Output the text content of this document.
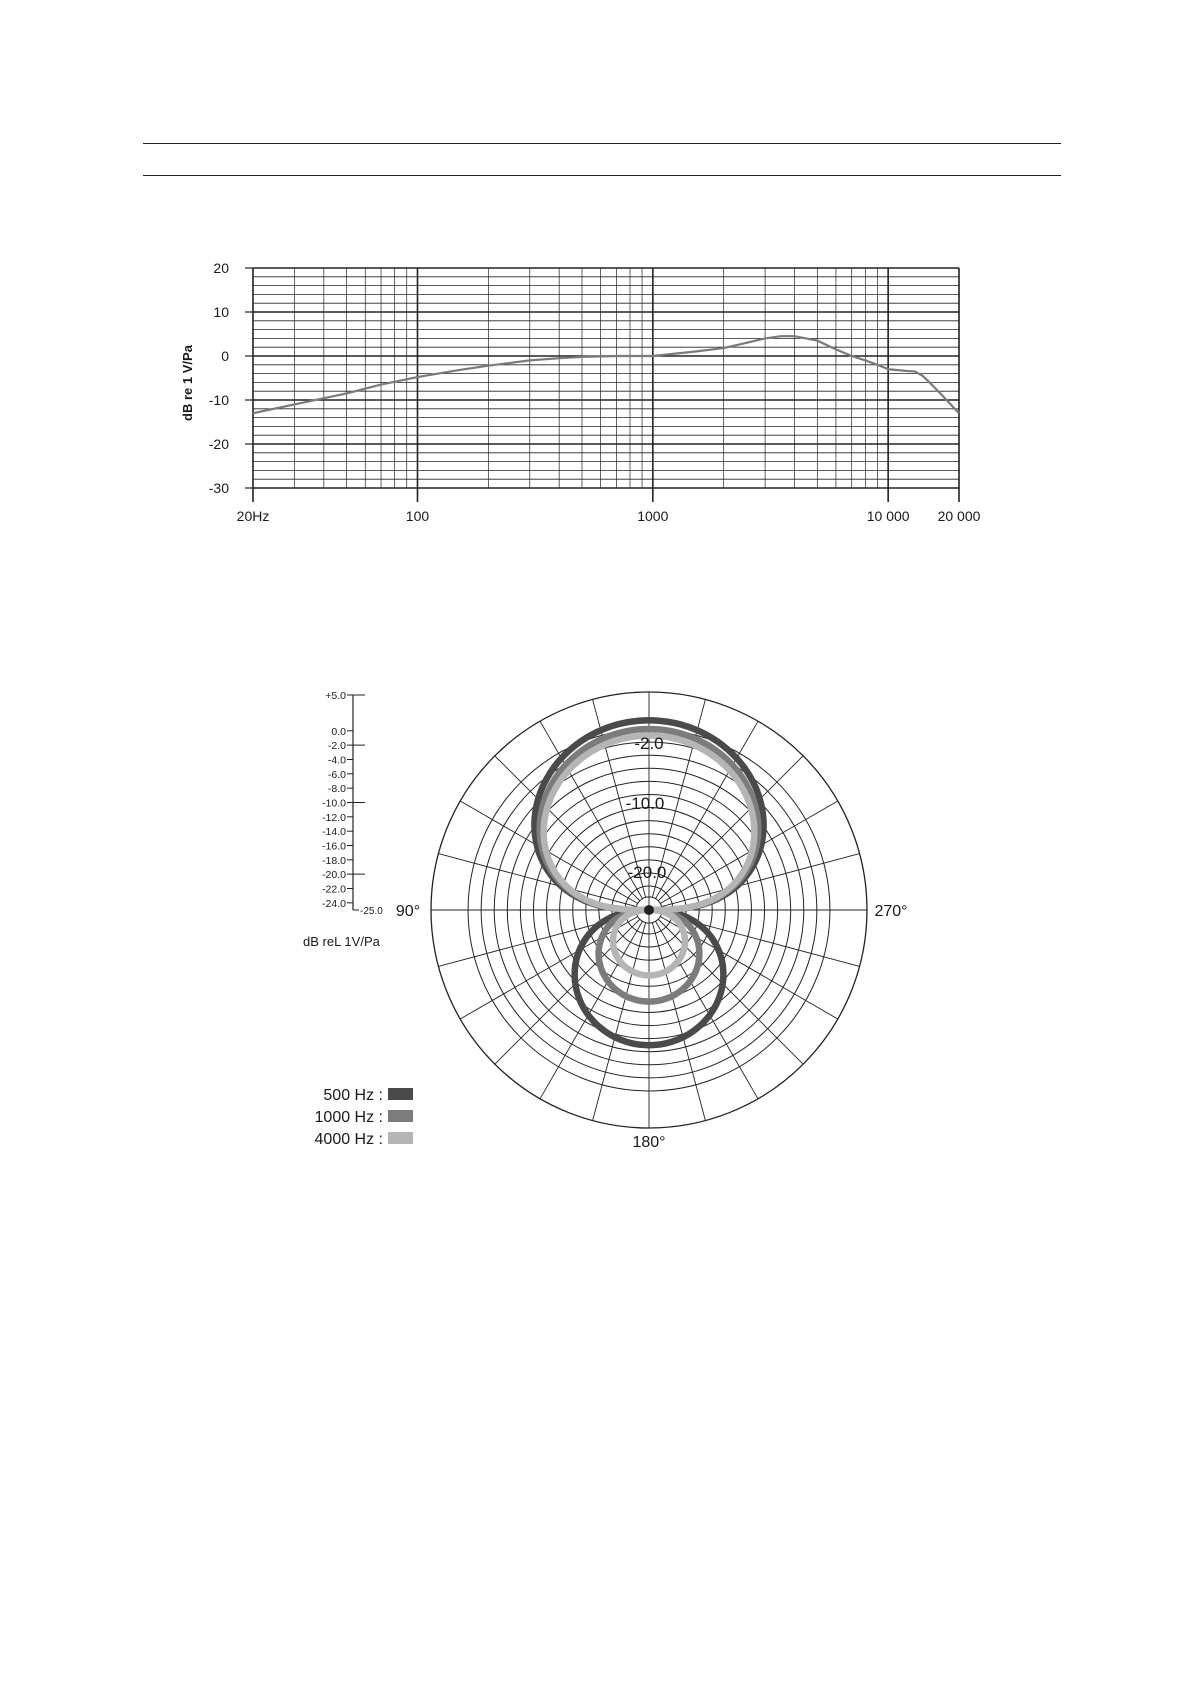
20
10
0
-10
-20
-30
20Hz	100	1000	10 000 20 000
dB re 1 V/Pa
+5.0
0.0
-2.0
-4.0
-6.0
-8.0
-10.0
-12.0
-14.0
-16.0
-18.0
-20.0
-22.0
-24.0
-25.0
500 Hz :
1000 Hz :
4000 Hz :
-2.0
-10.0
-20.0
90°	270°
180°
dB reL 1V/Pa
